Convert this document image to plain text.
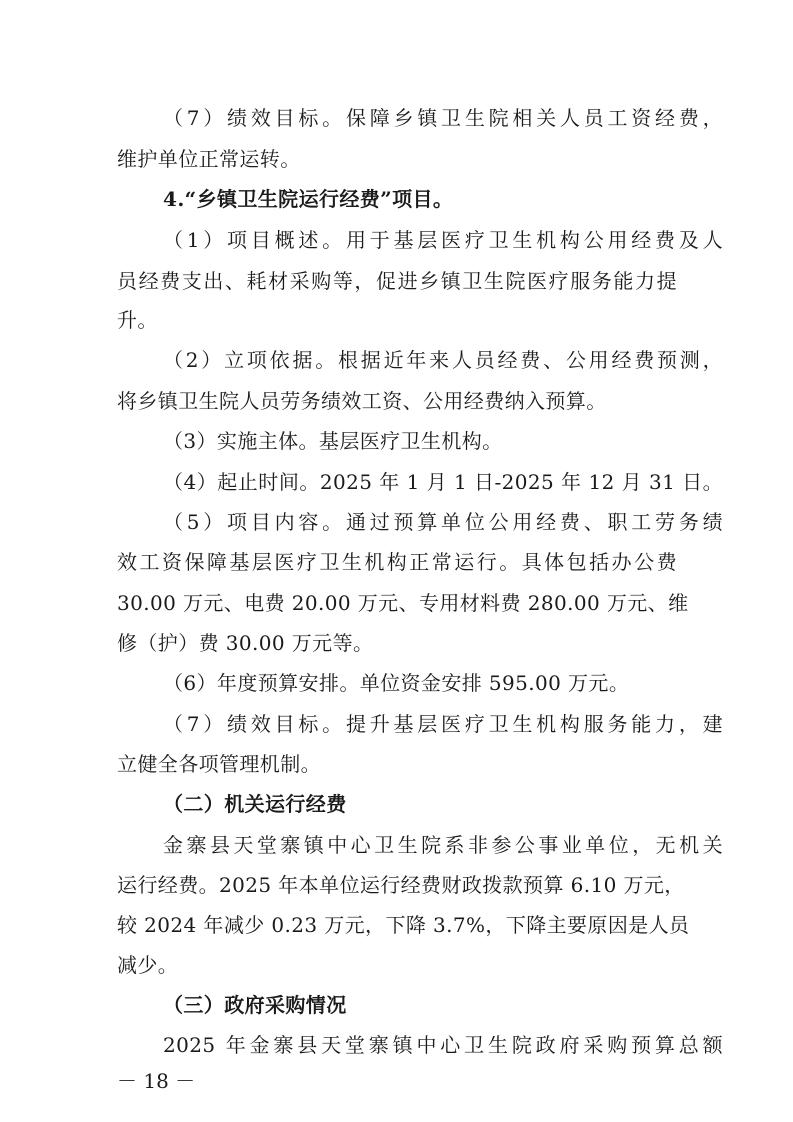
（7）绩效目标。保障乡镇卫生院相关人员工资经费，
维护单位正常运转。
4.“乡镇卫生院运行经费”项目。
（1）项目概述。用于基层医疗卫生机构公用经费及人
员经费支出、耗材采购等，促进乡镇卫生院医疗服务能力提
升。
（2）立项依据。根据近年来人员经费、公用经费预测，
将乡镇卫生院人员劳务绩效工资、公用经费纳入预算。
（3）实施主体。基层医疗卫生机构。
（4）起止时间。2025 年 1 月 1 日-2025 年 12 月 31 日。
（5）项目内容。通过预算单位公用经费、职工劳务绩
效工资保障基层医疗卫生机构正常运行。具体包括办公费
30.00 万元、电费 20.00 万元、专用材料费 280.00 万元、维
修（护）费 30.00 万元等。
（6）年度预算安排。单位资金安排 595.00 万元。
（7）绩效目标。提升基层医疗卫生机构服务能力，建
立健全各项管理机制。
（二）机关运行经费
金寨县天堂寨镇中心卫生院系非参公事业单位，无机关
运行经费。2025 年本单位运行经费财政拨款预算 6.10 万元，
较 2024 年减少 0.23 万元，下降 3.7%，下降主要原因是人员
减少。
（三）政府采购情况
2025 年金寨县天堂寨镇中心卫生院政府采购预算总额
－ 18 －
